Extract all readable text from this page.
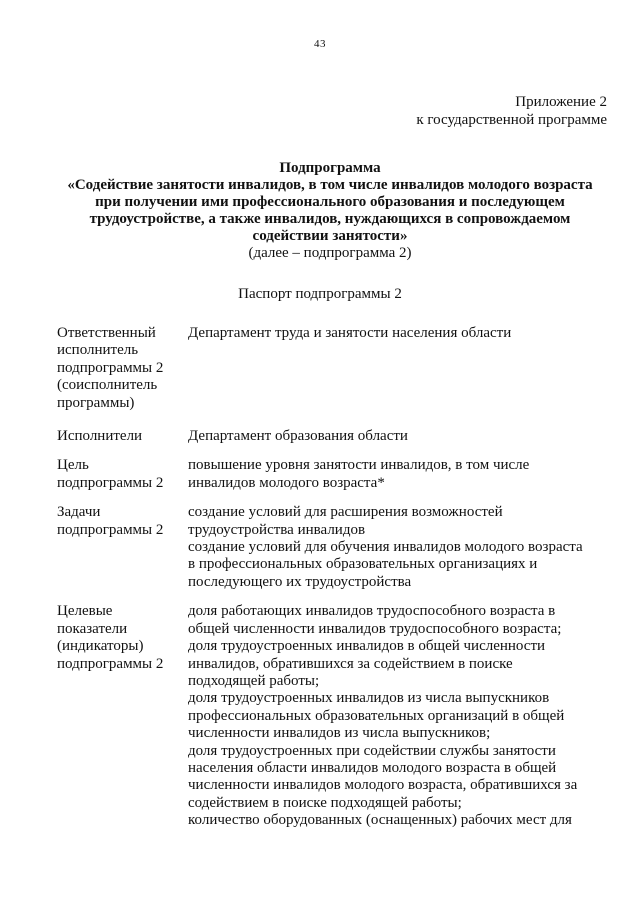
43
Приложение 2
к государственной программе
Подпрограмма
«Содействие занятости инвалидов, в том числе инвалидов молодого возраста
при получении ими профессионального образования и последующем
трудоустройстве, а также инвалидов, нуждающихся в сопровождаемом
содействии занятости»
(далее – подпрограмма 2)
Паспорт подпрограммы 2
Ответственный
исполнитель
подпрограммы 2
(соисполнитель
программы)
Департамент труда и занятости населения области
Исполнители	Департамент образования области
Цель
подпрограммы 2
повышение уровня занятости инвалидов, в том числе
инвалидов молодого возраста*
Задачи
подпрограммы 2
создание условий для расширения возможностей
трудоустройства инвалидов
создание условий для обучения инвалидов молодого возраста
в профессиональных образовательных организациях и
последующего их трудоустройства
Целевые
показатели
(индикаторы)
подпрограммы 2
доля работающих инвалидов трудоспособного возраста в
общей численности инвалидов трудоспособного возраста;
доля трудоустроенных инвалидов в общей численности
инвалидов, обратившихся за содействием в поиске
подходящей работы;
доля трудоустроенных инвалидов из числа выпускников
профессиональных образовательных организаций в общей
численности инвалидов из числа выпускников;
доля трудоустроенных при содействии службы занятости
населения области инвалидов молодого возраста в общей
численности инвалидов молодого возраста, обратившихся за
содействием в поиске подходящей работы;
количество оборудованных (оснащенных) рабочих мест для
